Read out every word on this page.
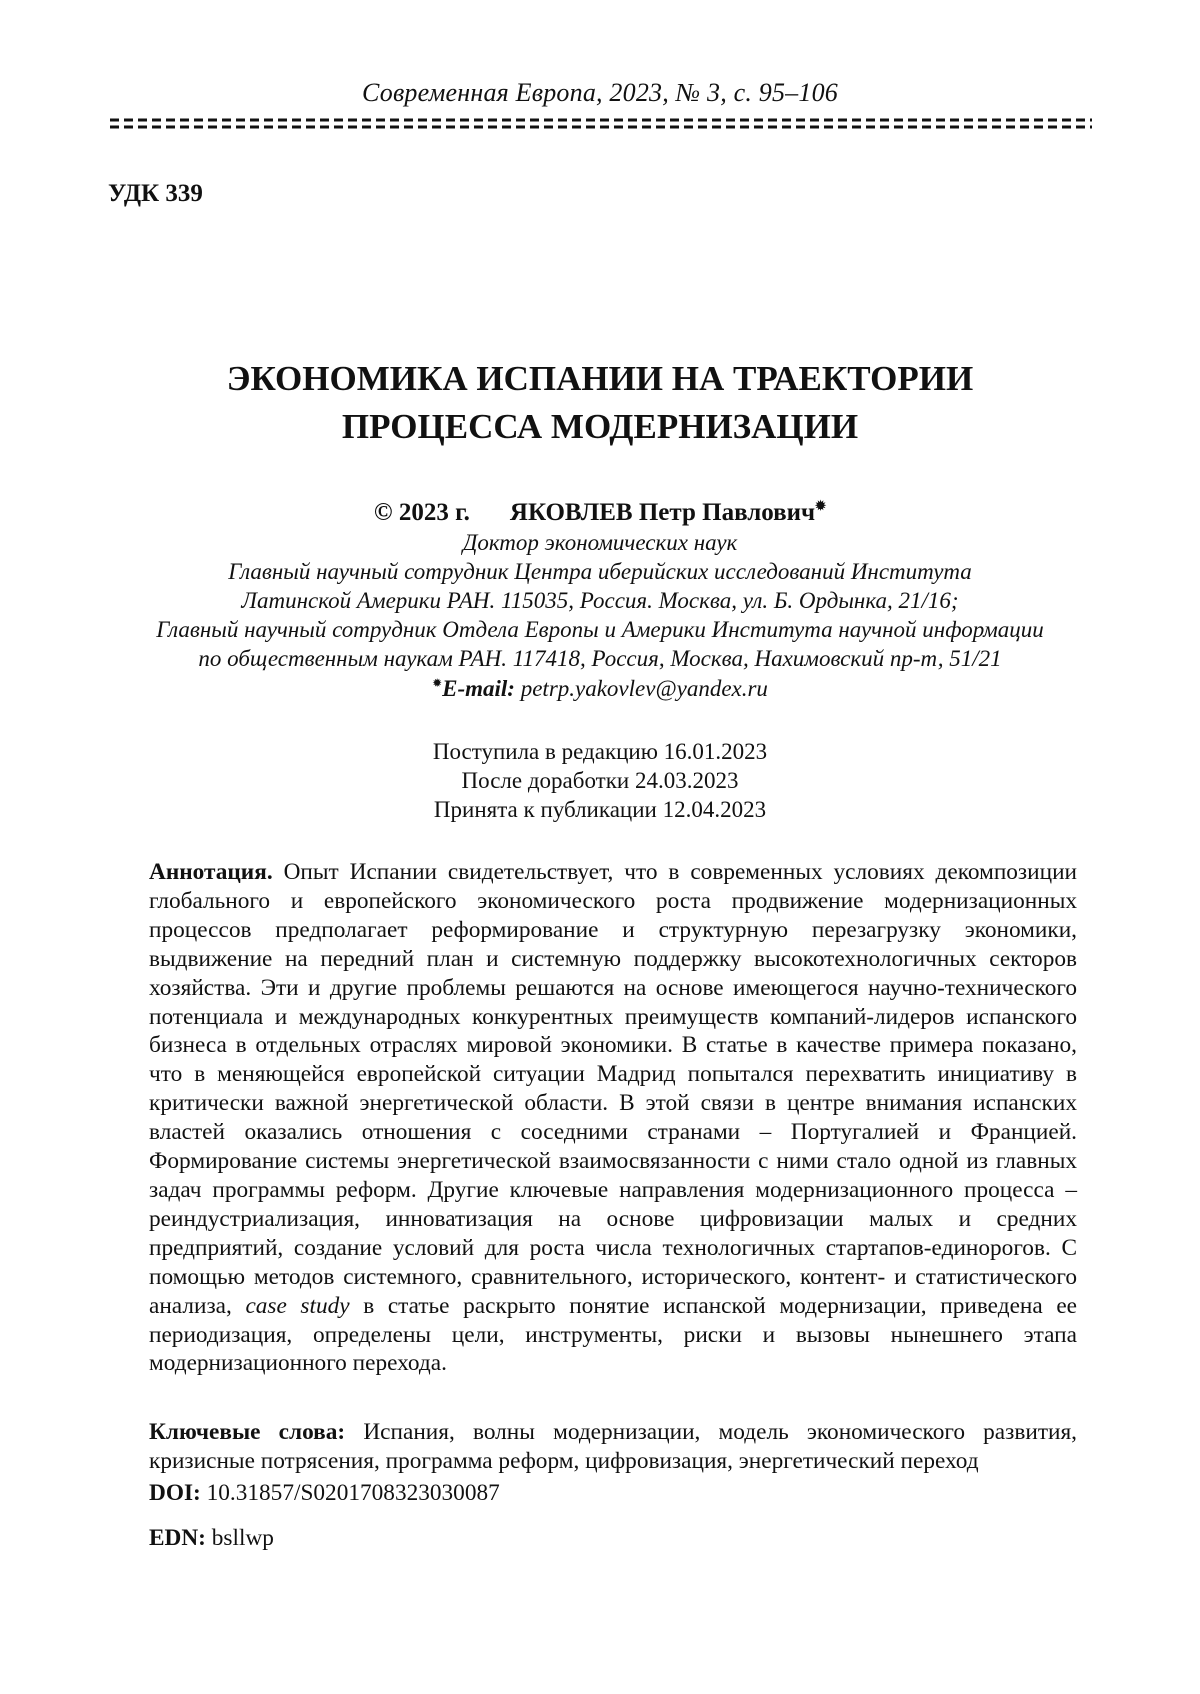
Современная Европа, 2023, № 3, с. 95–106
УДК 339
ЭКОНОМИКА ИСПАНИИ НА ТРАЕКТОРИИ
ПРОЦЕССА МОДЕРНИЗАЦИИ
© 2023 г. ЯКОВЛЕВ Петр Павлович✹
Доктор экономических наук
Главный научный сотрудник Центра иберийских исследований Института
Латинской Америки РАН. 115035, Россия. Москва, ул. Б. Ордынка, 21/16;
Главный научный сотрудник Отдела Европы и Америки Института научной информации
по общественным наукам РАН. 117418, Россия, Москва, Нахимовский пр-т, 51/21
✹E-mail: petrp.yakovlev@yandex.ru
Поступила в редакцию 16.01.2023
После доработки 24.03.2023
Принята к публикации 12.04.2023

Аннотация. Опыт Испании свидетельствует, что в современных условиях декомпозиции глобального и европейского экономического роста продвижение модернизационных процессов предполагает реформирование и структурную перезагрузку экономики, выдвижение на передний план и системную поддержку высокотехнологичных секторов хозяйства. Эти и другие проблемы решаются на основе имеющегося научно-технического потенциала и международных конкурентных преимуществ компаний-лидеров испанского бизнеса в отдельных отраслях мировой экономики. В статье в качестве примера показано, что в меняющейся европейской ситуации Мадрид попытался перехватить инициативу в критически важной энергетической области. В этой связи в центре внимания испанских властей оказались отношения с соседними странами – Португалией и Францией. Формирование системы энергетической взаимосвязанности с ними стало одной из главных задач программы реформ. Другие ключевые направления модернизационного процесса – реиндустриализация, инноватизация на основе цифровизации малых и средних предприятий, создание условий для роста числа технологичных стартапов-единорогов. С помощью методов системного, сравнительного, исторического, контент- и статистического анализа, case study в статье раскрыто понятие испанской модернизации, приведена ее периодизация, определены цели, инструменты, риски и вызовы нынешнего этапа модернизационного перехода.

Ключевые слова: Испания, волны модернизации, модель экономического развития, кризисные потрясения, программа реформ, цифровизация, энергетический переход

DOI: 10.31857/S0201708323030087
EDN: bsllwp
